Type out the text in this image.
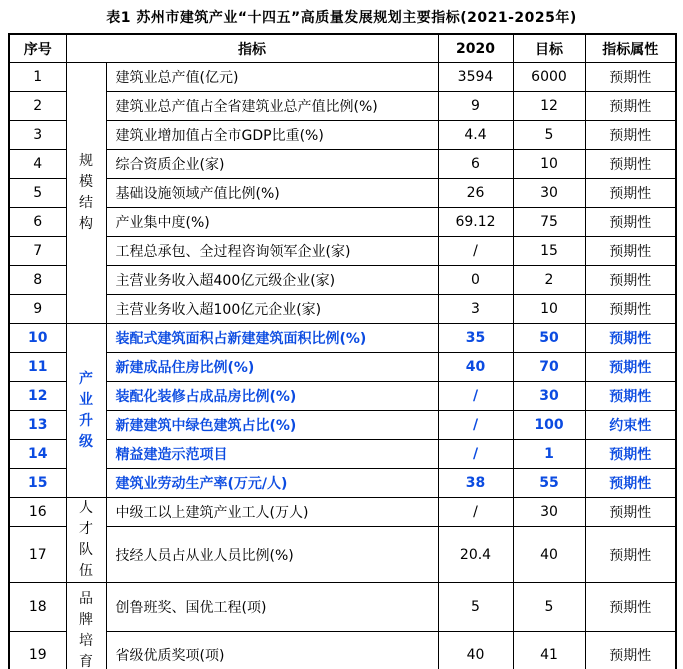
表1 苏州市建筑产业“十四五”高质量发展规划主要指标(2021-2025年)
序号	指标		2020	目标	指标属性
1	规模结构	建筑业总产值(亿元)	3594	6000	预期性
2		建筑业总产值占全省建筑业总产值比例(%)	9	12	预期性
3		建筑业增加值占全市GDP比重(%)	4.4	5	预期性
4		综合资质企业(家)	6	10	预期性
5		基础设施领域产值比例(%)	26	30	预期性
6		产业集中度(%)	69.12	75	预期性
7		工程总承包、全过程咨询领军企业(家)	/	15	预期性
8		主营业务收入超400亿元级企业(家)	0	2	预期性
9		主营业务收入超100亿元企业(家)	3	10	预期性
10	产业升级	装配式建筑面积占新建建筑面积比例(%)	35	50	预期性
11		新建成品住房比例(%)	40	70	预期性
12		装配化装修占成品房比例(%)	/	30	预期性
13		新建建筑中绿色建筑占比(%)	/	100	约束性
14		精益建造示范项目	/	1	预期性
15		建筑业劳动生产率(万元/人)	38	55	预期性
16	人才队伍	中级工以上建筑产业工人(万人)	/	30	预期性
17		技经人员占从业人员比例(%)	20.4	40	预期性
18	品牌培育	创鲁班奖、国优工程(项)	5	5	预期性
19		省级优质奖项(项)	40	41	预期性
